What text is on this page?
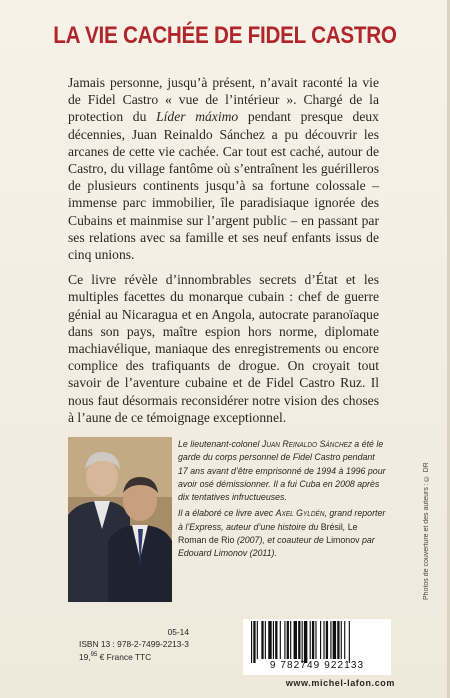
LA VIE CACHÉE DE FIDEL CASTRO

Jamais personne, jusqu’à présent, n’avait raconté la vie de Fidel Castro « vue de l’intérieur ». Chargé de la protection du Líder máximo pendant presque deux décennies, Juan Reinaldo Sánchez a pu découvrir les arcanes de cette vie cachée. Car tout est caché, autour de Castro, du village fantôme où s’entraînent les guérilleros de plusieurs continents jusqu’à sa fortune colossale – immense parc immobilier, île paradisiaque ignorée des Cubains et mainmise sur l’argent public – en passant par ses relations avec sa famille et ses neuf enfants issus de cinq unions.

Ce livre révèle d’innombrables secrets d’État et les multiples facettes du monarque cubain : chef de guerre génial au Nicaragua et en Angola, autocrate paranoïaque dans son pays, maître espion hors norme, diplomate machiavélique, maniaque des enregistrements ou encore complice des trafiquants de drogue. On croyait tout savoir de l’aventure cubaine et de Fidel Castro Ruz. Il nous faut désormais reconsidérer notre vision des choses à l’aune de ce témoignage exceptionnel.

Le lieutenant-colonel Juan Reinaldo Sánchez a été le garde du corps personnel de Fidel Castro pendant 17 ans avant d’être emprisonné de 1994 à 1996 pour avoir osé démissionner. Il a fui Cuba en 2008 après dix tentatives infructueuses.

Il a élaboré ce livre avec Axel Gyldén, grand reporter à l’Express, auteur d’une histoire du Brésil, Le Roman de Rio (2007), et coauteur de Limonov par Edouard Limonov (2011).	Photos de couverture et des auteurs : © DR
05-14
ISBN 13 : 978-2-7499-2213-3
19,95 € France TTC
9 782749 922133
www.michel-lafon.com
